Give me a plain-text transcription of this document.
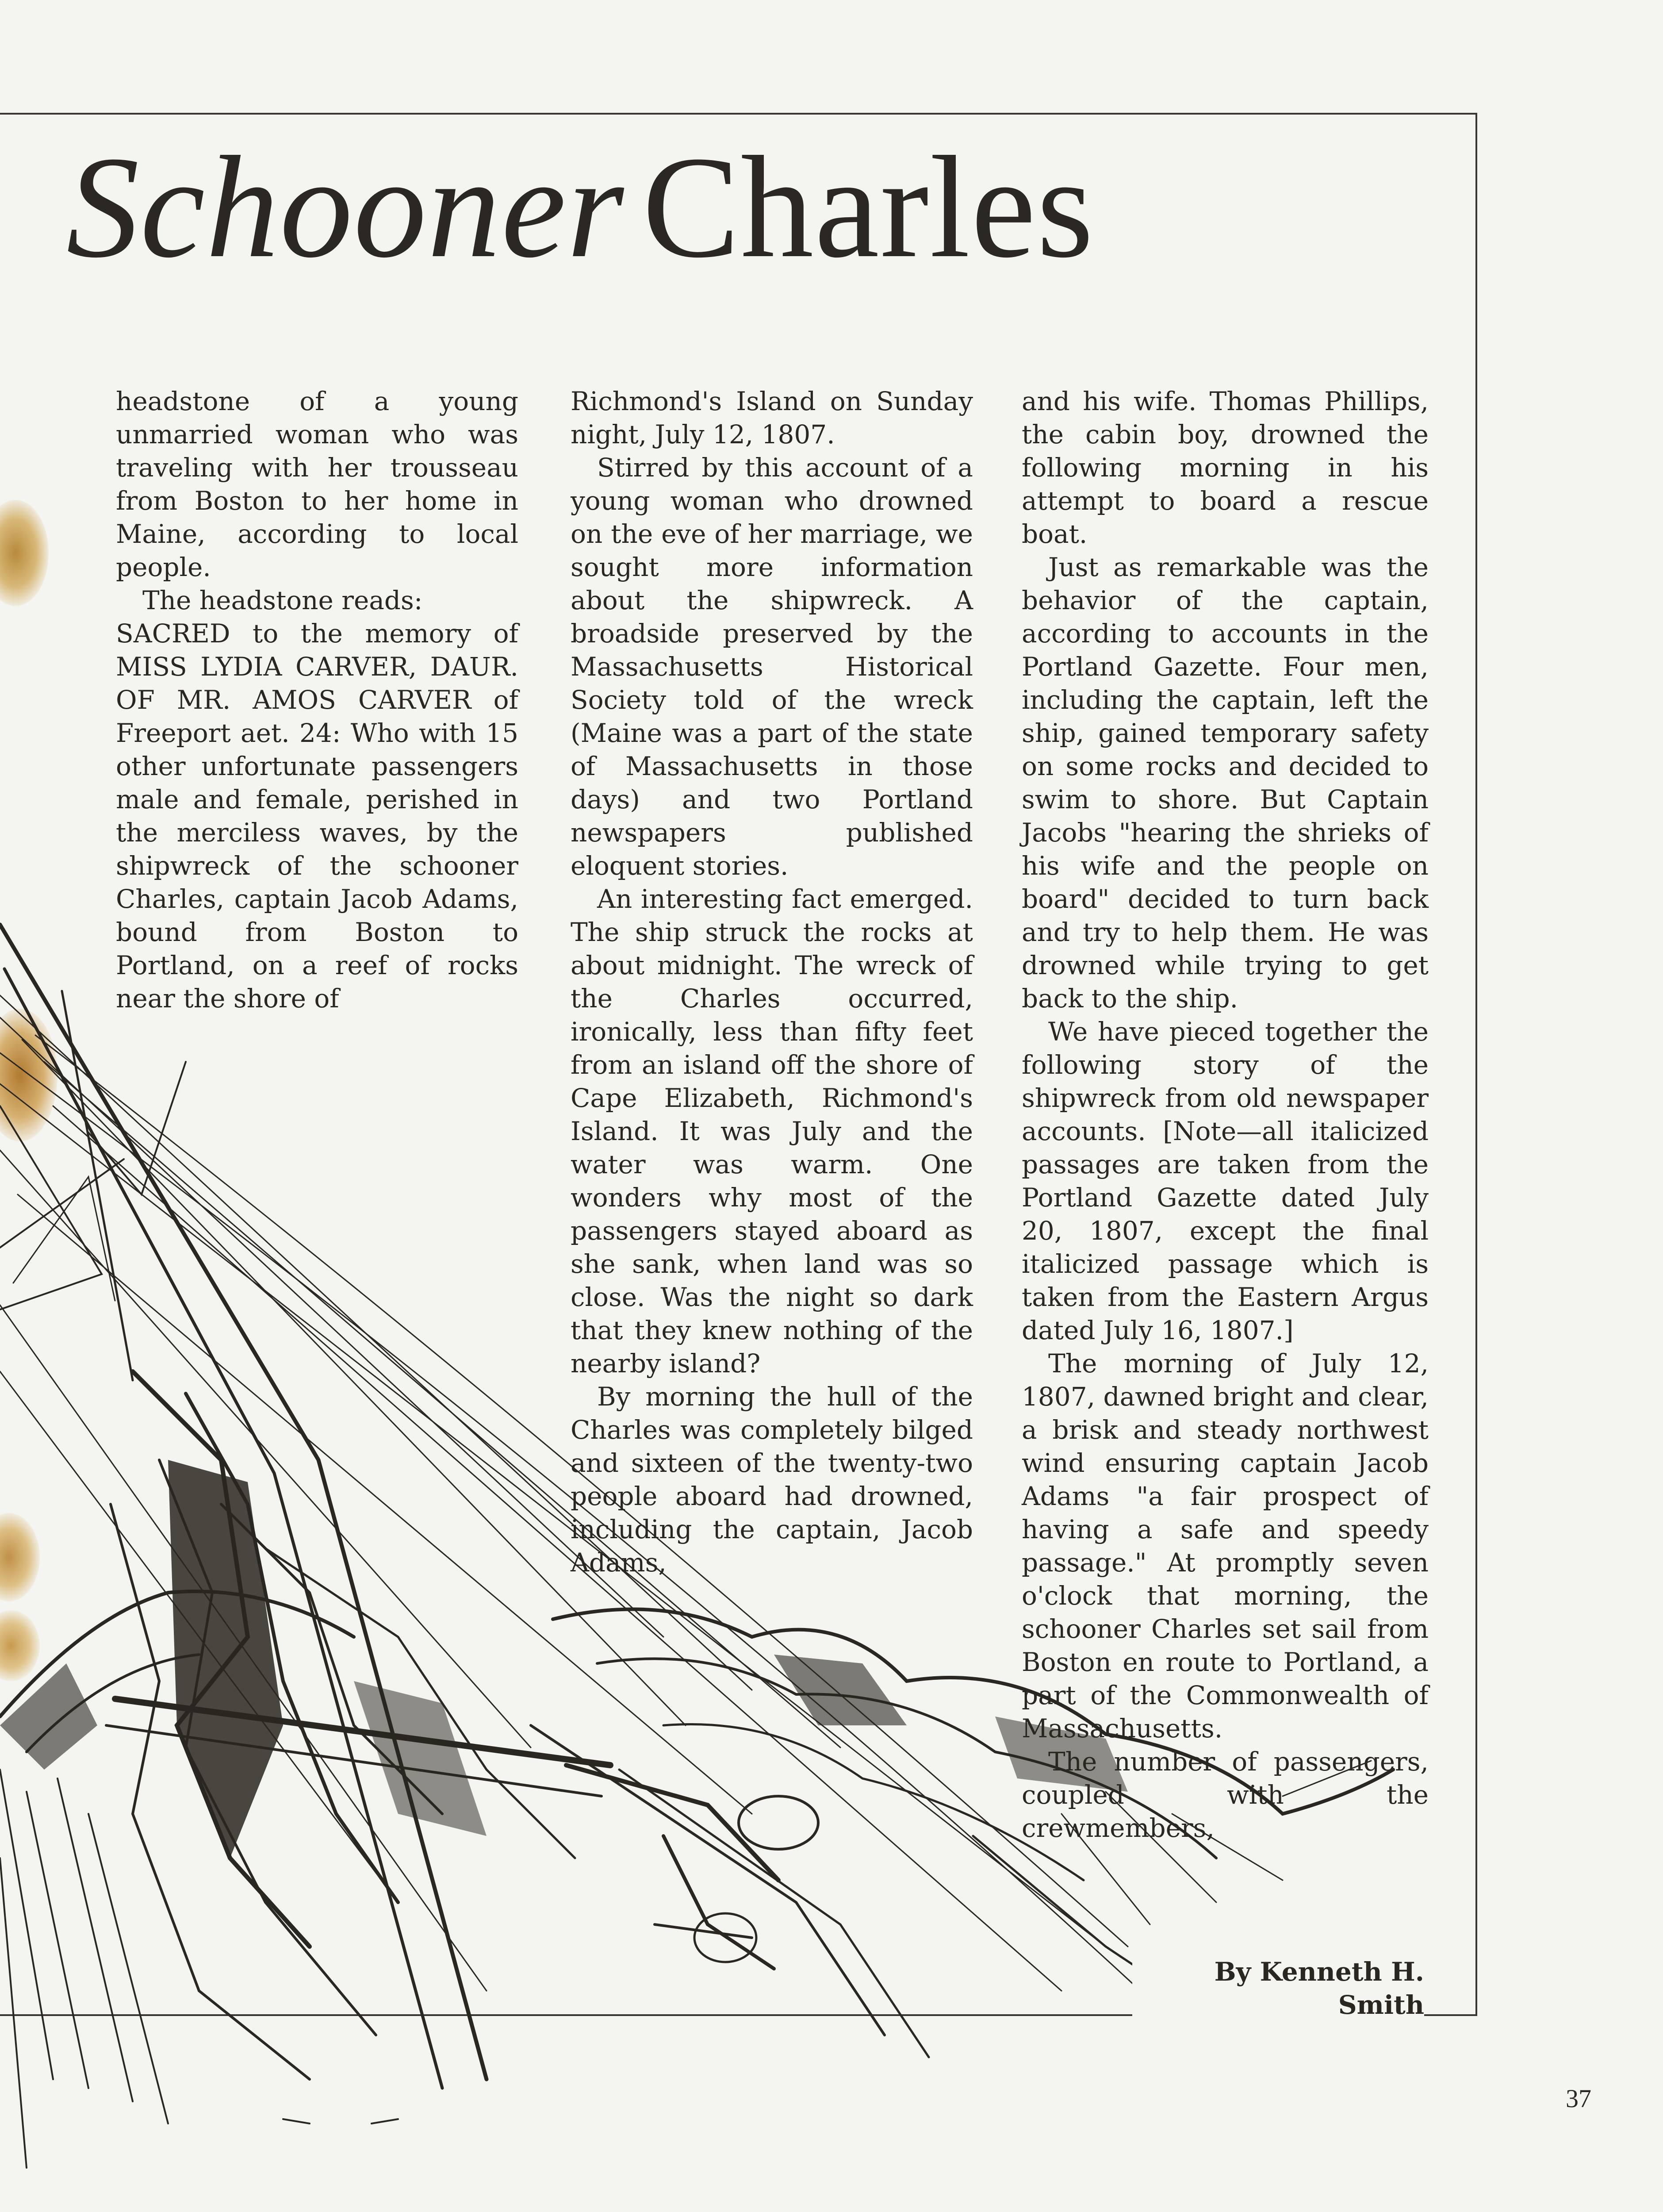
Schooner Charles

headstone of a young unmarried woman who was traveling with her trousseau from Boston to her home in Maine, according to local people.

The headstone reads:

SACRED to the memory of MISS LYDIA CARVER, DAUR. OF MR. AMOS CARVER of Freeport aet. 24: Who with 15 other unfortunate passengers male and female, perished in the merciless waves, by the shipwreck of the schooner Charles, captain Jacob Adams, bound from Boston to Portland, on a reef of rocks near the shore of

Richmond's Island on Sunday night, July 12, 1807.

Stirred by this account of a young woman who drowned on the eve of her marriage, we sought more information about the shipwreck. A broadside preserved by the Massachusetts Historical Society told of the wreck (Maine was a part of the state of Massachusetts in those days) and two Portland newspapers published eloquent stories.

An interesting fact emerged. The ship struck the rocks at about midnight. The wreck of the Charles occurred, ironically, less than fifty feet from an island off the shore of Cape Elizabeth, Richmond's Island. It was July and the water was warm. One wonders why most of the passengers stayed aboard as she sank, when land was so close. Was the night so dark that they knew nothing of the nearby island?

By morning the hull of the Charles was completely bilged and sixteen of the twenty-two people aboard had drowned, including the captain, Jacob Adams,

and his wife. Thomas Phillips, the cabin boy, drowned the following morning in his attempt to board a rescue boat.

Just as remarkable was the behavior of the captain, according to accounts in the Portland Gazette. Four men, including the captain, left the ship, gained temporary safety on some rocks and decided to swim to shore. But Captain Jacobs "hearing the shrieks of his wife and the people on board" decided to turn back and try to help them. He was drowned while trying to get back to the ship.

We have pieced together the following story of the shipwreck from old newspaper accounts. [Note—all italicized passages are taken from the Portland Gazette dated July 20, 1807, except the final italicized passage which is taken from the Eastern Argus dated July 16, 1807.]

The morning of July 12, 1807, dawned bright and clear, a brisk and steady northwest wind ensuring captain Jacob Adams "a fair prospect of having a safe and speedy passage." At promptly seven o'clock that morning, the schooner Charles set sail from Boston en route to Portland, a part of the Commonwealth of Massachusetts.

The number of passengers, coupled with the crewmembers,

By Kenneth H. Smith
37
